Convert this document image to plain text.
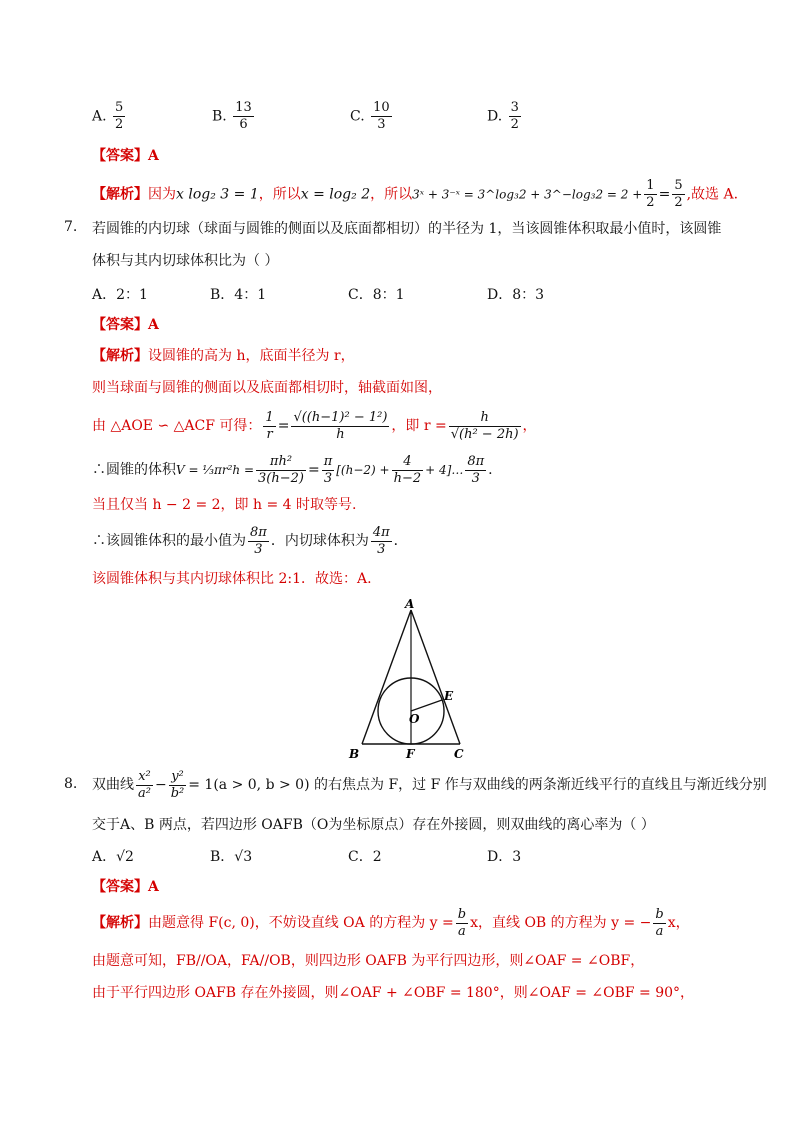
A. $\frac{5}{2}$	B. $\frac{13}{6}$	C. $\frac{10}{3}$	D. $\frac{3}{2}$
【答案】A
【解析】因为x log₂ 3 = 1，所以x = log₂ 2，所以3ˣ + 3⁻ˣ = 3^log₃2 + 3^−log₃2 = $2 + \frac{1}{2} = \frac{5}{2}$ ,故选 A.
7. 若圆锥的内切球（球面与圆锥的侧面以及底面都相切）的半径为 1，当该圆锥体积取最小值时，该圆锥
体积与其内切球体积比为（ ）
A．2：1	B．4：1	C．8：1	D．8：3
【答案】A
【解析】设圆锥的高为 h，底面半径为 r，
则当球面与圆锥的侧面以及底面都相切时，轴截面如图，
由 △AOE ∽ △ACF 可得： $\frac{1}{r} = \frac{\text{√((h−1)² − 1²)}}{h}$ ，即 $r = \frac{h}{\text{√(h² − 2h)}}$ ，
∴圆锥的体积V = ⅓πr²h = $\frac{\text{πh²}}{3(h-2)} = \frac{\pi}{3} [(h-2) + \frac{4}{h-2}$ + 4]… $\frac{8\pi}{3}$ .
当且仅当 h − 2 = 2，即 h = 4 时取等号.
∴该圆锥体积的最小值为 $\frac{8\pi}{3}$ ．内切球体积为 $\frac{4\pi}{3}$ ．
该圆锥体积与其内切球体积比 2:1．故选：A.
A
B	C
E
F
O
8. 双曲线 $\frac{\text{x²}}{\text{a²}} - \frac{\text{y²}}{\text{b²}} = 1(a > 0$, b > 0) 的右焦点为 F，过 F 作与双曲线的两条渐近线平行的直线且与渐近线分别
交于A、B 两点，若四边形 OAFB（O为坐标原点）存在外接圆，则双曲线的离心率为（ ）
A．√2	B．√3	C．2	D．3
【答案】A
【解析】由题意得 F(c, 0)，不妨设直线 OA 的方程为 $y = \frac{b}{a}$ x，直线 OB 的方程为 y = − $\frac{b}{a}$ x，
由题意可知，FB//OA，FA//OB，则四边形 OAFB 为平行四边形，则∠OAF = ∠OBF，
由于平行四边形 OAFB 存在外接圆，则∠OAF + ∠OBF = 180°，则∠OAF = ∠OBF = 90°，
